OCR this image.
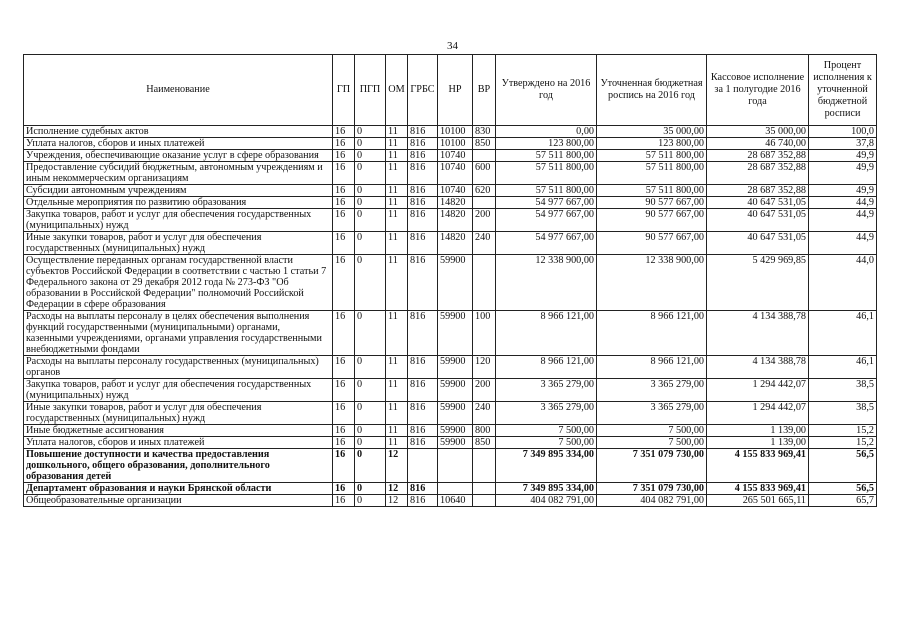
34
Наименование	ГП	ПГП	ОМ	ГРБС	НР	ВР	Утверждено на 2016 год	Уточненная бюджетная роспись на 2016 год	Кассовое исполнение за 1 полугодие 2016 года	Процент исполнения к уточненной бюджетной росписи
Исполнение судебных актов	16	0	11	816	10100	830	0,00	35 000,00	35 000,00	100,0
Уплата налогов, сборов и иных платежей	16	0	11	816	10100	850	123 800,00	123 800,00	46 740,00	37,8
Учреждения, обеспечивающие оказание услуг в сфере образования	16	0	11	816	10740		57 511 800,00	57 511 800,00	28 687 352,88	49,9
Предоставление субсидий бюджетным, автономным учреждениям и иным некоммерческим организациям	16	0	11	816	10740	600	57 511 800,00	57 511 800,00	28 687 352,88	49,9
Субсидии автономным учреждениям	16	0	11	816	10740	620	57 511 800,00	57 511 800,00	28 687 352,88	49,9
Отдельные мероприятия по развитию образования	16	0	11	816	14820		54 977 667,00	90 577 667,00	40 647 531,05	44,9
Закупка товаров, работ и услуг для обеспечения государственных (муниципальных) нужд	16	0	11	816	14820	200	54 977 667,00	90 577 667,00	40 647 531,05	44,9
Иные закупки товаров, работ и услуг для обеспечения государственных (муниципальных) нужд	16	0	11	816	14820	240	54 977 667,00	90 577 667,00	40 647 531,05	44,9
Осуществление переданных органам государственной власти субъектов Российской Федерации в соответствии с частью 1 статьи 7 Федерального закона от 29 декабря 2012 года № 273-ФЗ "Об образовании в Российской Федерации" полномочий Российской Федерации в сфере образования	16	0	11	816	59900		12 338 900,00	12 338 900,00	5 429 969,85	44,0
Расходы на выплаты персоналу в целях обеспечения выполнения функций государственными (муниципальными) органами, казенными учреждениями, органами управления государственными внебюджетными фондами	16	0	11	816	59900	100	8 966 121,00	8 966 121,00	4 134 388,78	46,1
Расходы на выплаты персоналу государственных (муниципальных) органов	16	0	11	816	59900	120	8 966 121,00	8 966 121,00	4 134 388,78	46,1
Закупка товаров, работ и услуг для обеспечения государственных (муниципальных) нужд	16	0	11	816	59900	200	3 365 279,00	3 365 279,00	1 294 442,07	38,5
Иные закупки товаров, работ и услуг для обеспечения государственных (муниципальных) нужд	16	0	11	816	59900	240	3 365 279,00	3 365 279,00	1 294 442,07	38,5
Иные бюджетные ассигнования	16	0	11	816	59900	800	7 500,00	7 500,00	1 139,00	15,2
Уплата налогов, сборов и иных платежей	16	0	11	816	59900	850	7 500,00	7 500,00	1 139,00	15,2
Повышение доступности и качества предоставления дошкольного, общего образования, дополнительного образования детей	16	0	12				7 349 895 334,00	7 351 079 730,00	4 155 833 969,41	56,5
Департамент образования и науки Брянской области	16	0	12	816			7 349 895 334,00	7 351 079 730,00	4 155 833 969,41	56,5
Общеобразовательные организации	16	0	12	816	10640		404 082 791,00	404 082 791,00	265 501 665,11	65,7
